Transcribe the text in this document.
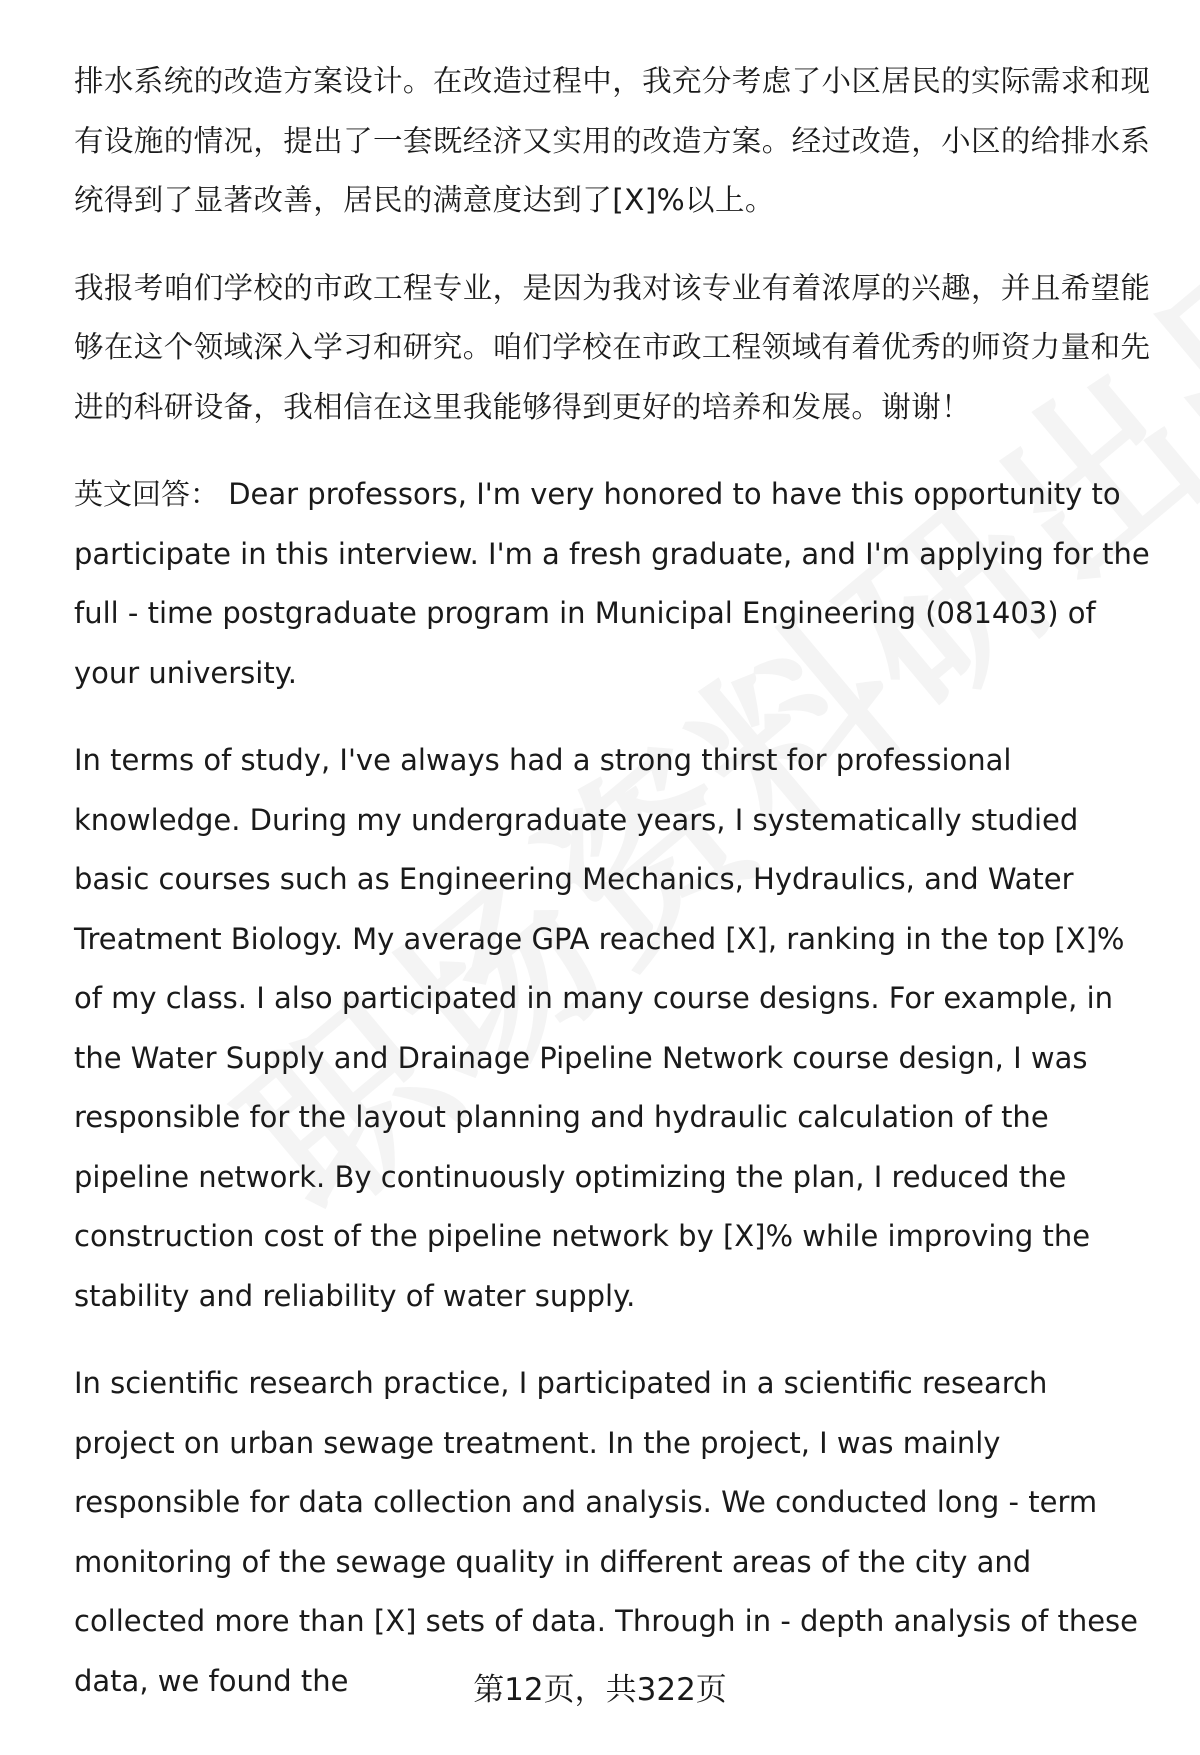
排水系统的改造方案设计。在改造过程中，我充分考虑了小区居民的实际需求和现有设施的情况，提出了一套既经济又实用的改造方案。经过改造，小区的给排水系统得到了显著改善，居民的满意度达到了[X]%以上。

我报考咱们学校的市政工程专业，是因为我对该专业有着浓厚的兴趣，并且希望能够在这个领域深入学习和研究。咱们学校在市政工程领域有着优秀的师资力量和先进的科研设备，我相信在这里我能够得到更好的培养和发展。谢谢！

英文回答： Dear professors, I'm very honored to have this opportunity to participate in this interview. I'm a fresh graduate, and I'm applying for the full - time postgraduate program in Municipal Engineering (081403) of your university.

In terms of study, I've always had a strong thirst for professional knowledge. During my undergraduate years, I systematically studied basic courses such as Engineering Mechanics, Hydraulics, and Water Treatment Biology. My average GPA reached [X], ranking in the top [X]% of my class. I also participated in many course designs. For example, in the Water Supply and Drainage Pipeline Network course design, I was responsible for the layout planning and hydraulic calculation of the pipeline network. By continuously optimizing the plan, I reduced the construction cost of the pipeline network by [X]% while improving the stability and reliability of water supply.

In scientific research practice, I participated in a scientific research project on urban sewage treatment. In the project, I was mainly responsible for data collection and analysis. We conducted long - term monitoring of the sewage quality in different areas of the city and collected more than [X] sets of data. Through in - depth analysis of these data, we found the	第12页，共322页
